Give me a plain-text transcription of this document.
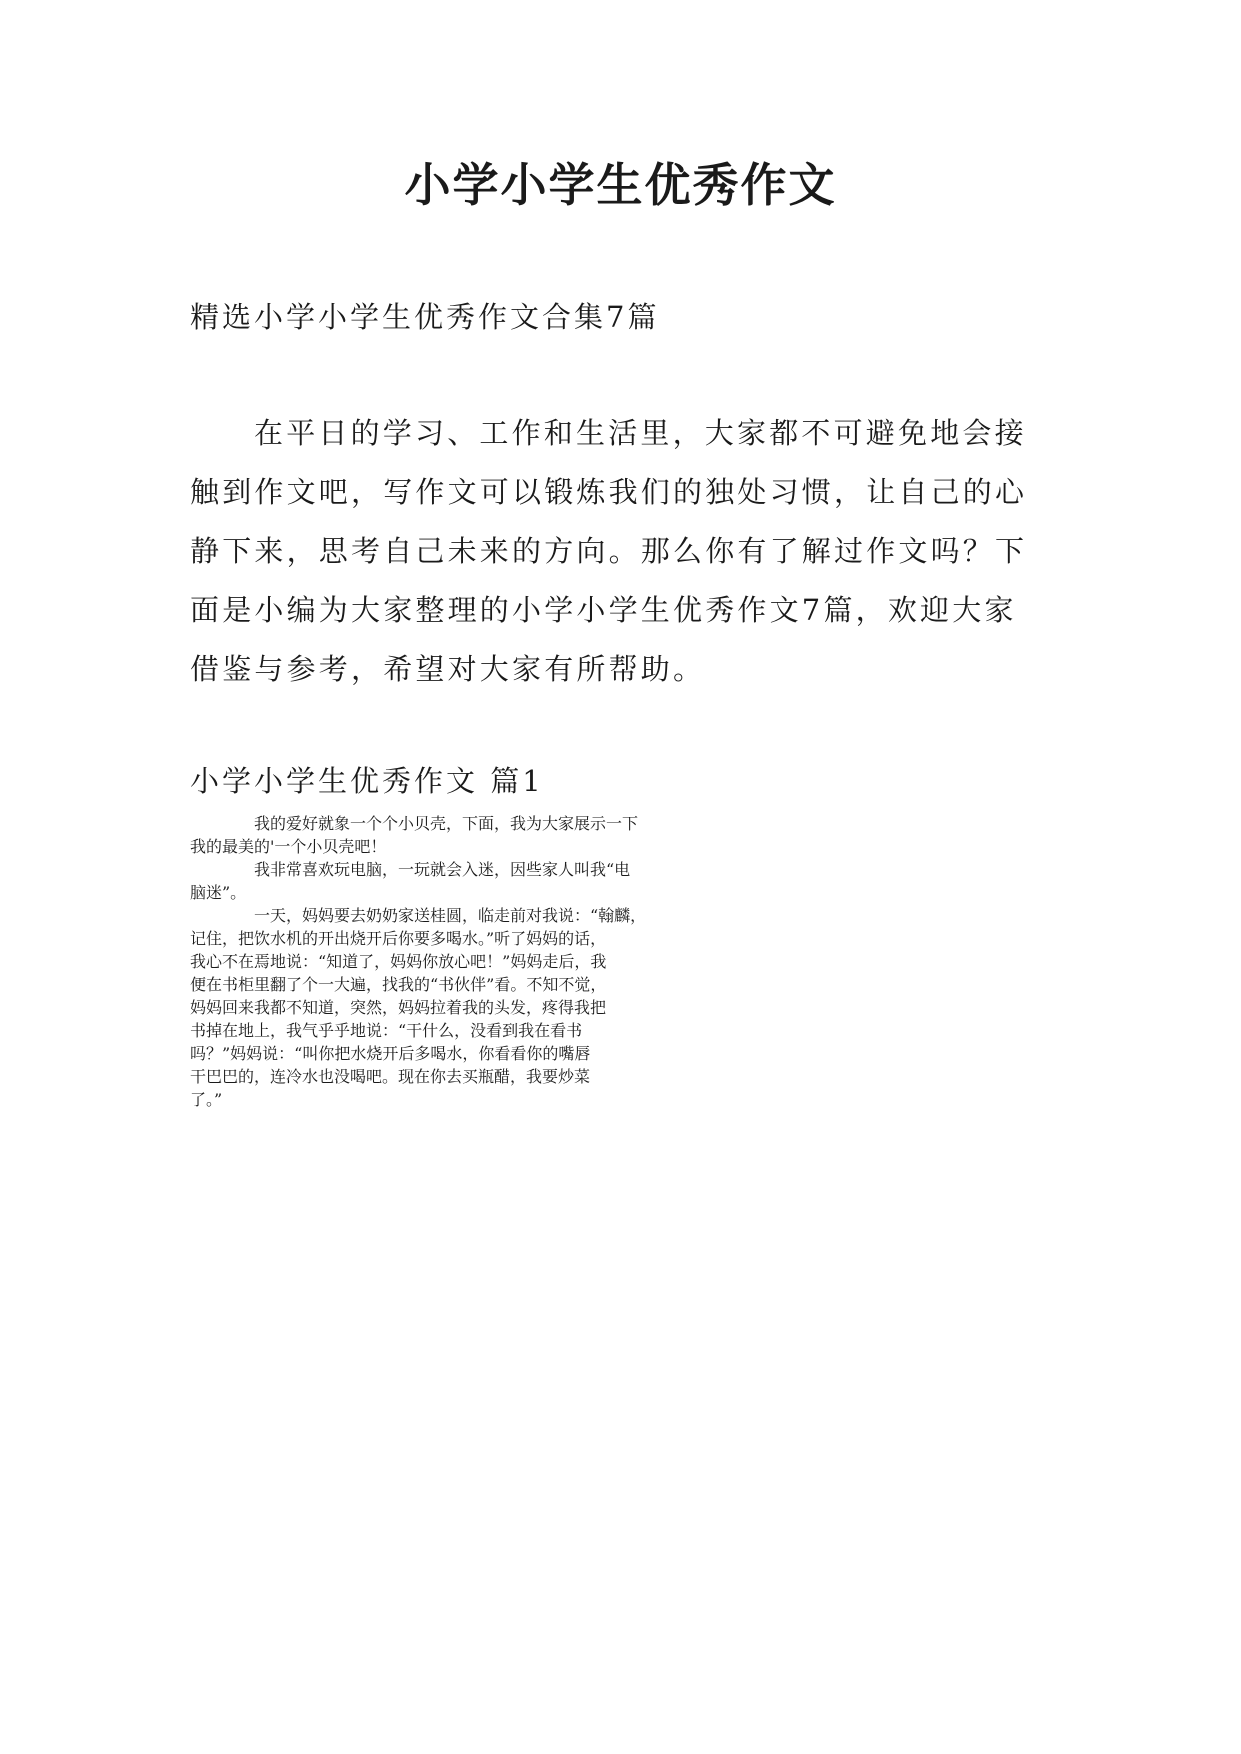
小学小学生优秀作文

精选小学小学生优秀作文合集7篇

在平日的学习、工作和生活里，大家都不可避免地会接
触到作文吧，写作文可以锻炼我们的独处习惯，让自己的心
静下来，思考自己未来的方向。那么你有了解过作文吗？下
面是小编为大家整理的小学小学生优秀作文7篇，欢迎大家
借鉴与参考，希望对大家有所帮助。

小学小学生优秀作文 篇1

我的爱好就象一个个小贝壳，下面，我为大家展示一下
我的最美的'一个小贝壳吧！
我非常喜欢玩电脑，一玩就会入迷，因些家人叫我“电
脑迷”。
一天，妈妈要去奶奶家送桂圆，临走前对我说：“翰麟，
记住，把饮水机的开出烧开后你要多喝水。”听了妈妈的话，
我心不在焉地说：“知道了，妈妈你放心吧！”妈妈走后，我
便在书柜里翻了个一大遍，找我的“书伙伴”看。不知不觉，
妈妈回来我都不知道，突然，妈妈拉着我的头发，疼得我把
书掉在地上，我气乎乎地说：“干什么，没看到我在看书
吗？”妈妈说：“叫你把水烧开后多喝水，你看看你的嘴唇
干巴巴的，连冷水也没喝吧。现在你去买瓶醋，我要炒菜
了。”
